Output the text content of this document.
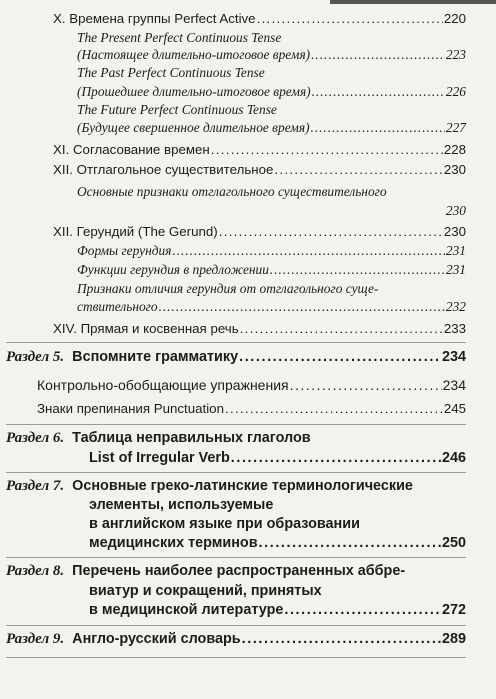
X. Времена группы Perfect Active . . .	220
The Present Perfect Continuous Tense
(Настоящее длительно-итоговое время) . . .	223
The Past Perfect Continuous Tense
(Прошедшее длительно-итоговое время) . . .	226
The Future Perfect Continuous Tense
(Будущее свершенное длительное время) . . .	227
XI. Согласование времен . . .	228
XII. Отглагольное существительное . . .	230
Основные признаки отглагольного существительного
230
XII. Герундий (The Gerund) . . .	230
Формы герундия . . .	231
Функции герундия в предложении . . .	231
Признаки отличия герундия от отглагольного суще-
ствительного . . .	232
XIV. Прямая и косвенная речь . . .	233
Раздел 5. Вспомните грамматику . . .	234
Контрольно-обобщающие упражнения . . .	234
Знаки препинания Punctuation . . .	245
Раздел 6. Таблица неправильных глаголов
List of Irregular Verb . . .	246
Раздел 7. Основные греко-латинские терминологические
элементы, используемые
в английском языке при образовании
медицинских терминов . . .	250
Раздел 8. Перечень наиболее распространенных аббре-
виатур и сокращений, принятых
в медицинской литературе . . .	272
Раздел 9. Англо-русский словарь . . .	289
